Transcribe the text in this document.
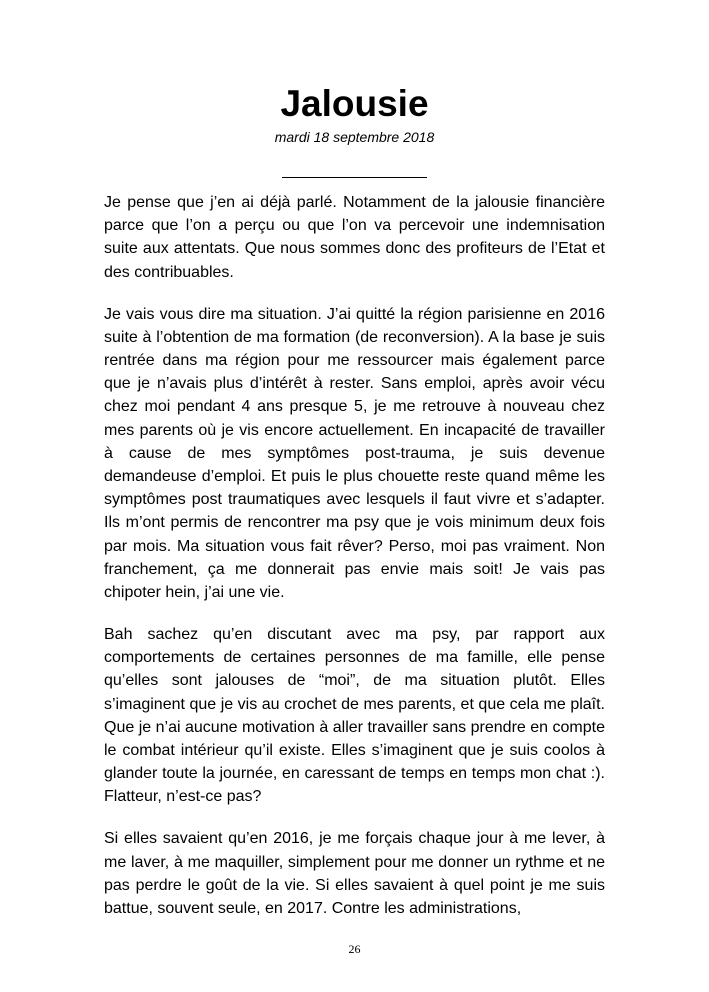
Jalousie
mardi 18 septembre 2018

Je pense que j’en ai déjà parlé. Notamment de la jalousie financière parce que l’on a perçu ou que l’on va percevoir une indemnisation suite aux attentats. Que nous sommes donc des profiteurs de l’Etat et des contribuables.

Je vais vous dire ma situation. J’ai quitté la région parisienne en 2016 suite à l’obtention de ma formation (de reconversion). A la base je suis rentrée dans ma région pour me ressourcer mais également parce que je n’avais plus d’intérêt à rester. Sans emploi, après avoir vécu chez moi pendant 4 ans presque 5, je me retrouve à nouveau chez mes parents où je vis encore actuellement. En incapacité de travailler à cause de mes symptômes post-trauma, je suis devenue demandeuse d’emploi. Et puis le plus chouette reste quand même les symptômes post traumatiques avec lesquels il faut vivre et s’adapter. Ils m’ont permis de rencontrer ma psy que je vois minimum deux fois par mois. Ma situation vous fait rêver? Perso, moi pas vraiment. Non franchement, ça me donnerait pas envie mais soit! Je vais pas chipoter hein, j’ai une vie.

Bah sachez qu’en discutant avec ma psy, par rapport aux comportements de certaines personnes de ma famille, elle pense qu’elles sont jalouses de “moi”, de ma situation plutôt. Elles s’imaginent que je vis au crochet de mes parents, et que cela me plaît. Que je n’ai aucune motivation à aller travailler sans prendre en compte le combat intérieur qu’il existe. Elles s’imaginent que je suis coolos à glander toute la journée, en caressant de temps en temps mon chat :). Flatteur, n’est-ce pas?

Si elles savaient qu’en 2016, je me forçais chaque jour à me lever, à me laver, à me maquiller, simplement pour me donner un rythme et ne pas perdre le goût de la vie. Si elles savaient à quel point je me suis battue, souvent seule, en 2017. Contre les administrations,

26
